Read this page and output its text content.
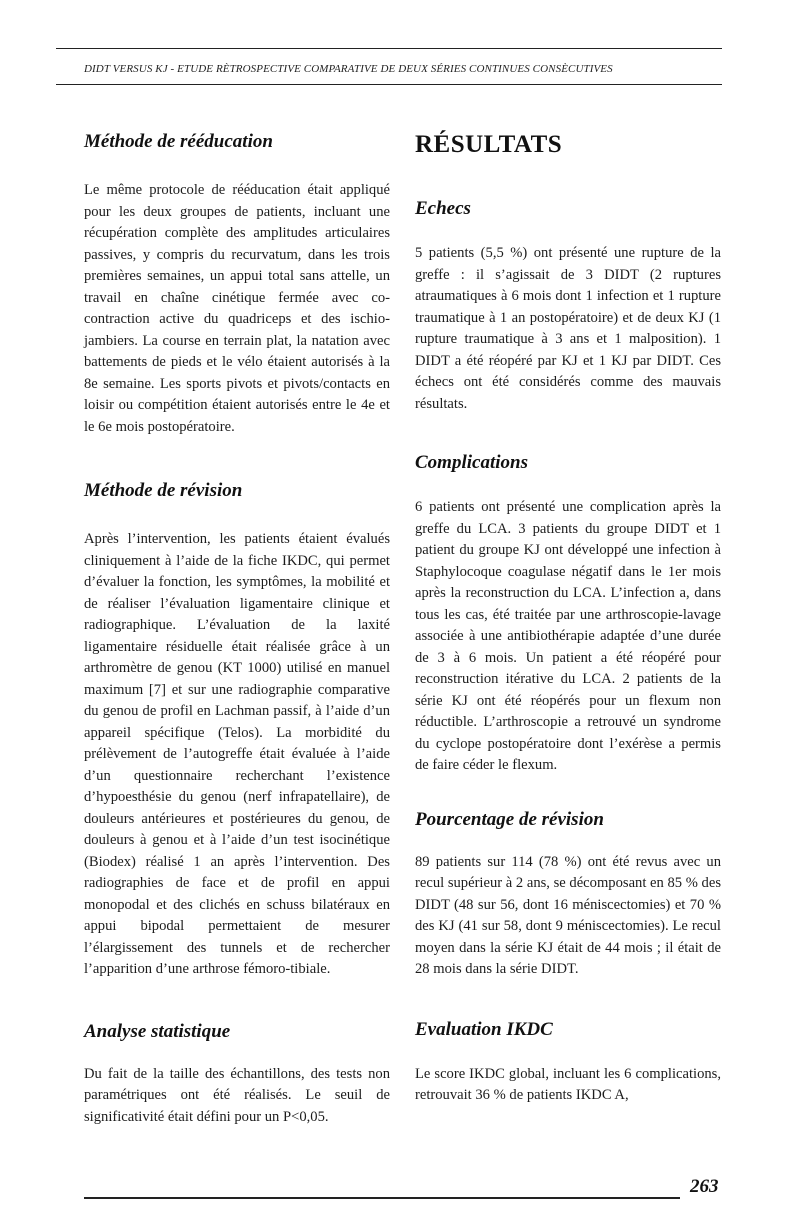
DIDT VERSUS KJ - ETUDE RÈTROSPECTIVE COMPARATIVE DE DEUX SÉRIES CONTINUES CONSÈCUTIVES
Méthode de rééducation

Le même protocole de rééducation était appliqué pour les deux groupes de patients, incluant une récupération complète des amplitudes articulaires passives, y compris du recurvatum, dans les trois premières semaines, un appui total sans attelle, un travail en chaîne cinétique fermée avec co-contraction active du quadriceps et des ischio-jambiers. La course en terrain plat, la natation avec battements de pieds et le vélo étaient autorisés à la 8e semaine. Les sports pivots et pivots/contacts en loisir ou compétition étaient autorisés entre le 4e et le 6e mois postopératoire.

Méthode de révision

Après l’intervention, les patients étaient évalués cliniquement à l’aide de la fiche IKDC, qui permet d’évaluer la fonction, les symptômes, la mobilité et de réaliser l’évaluation ligamentaire clinique et radiographique. L’évaluation de la laxité ligamentaire résiduelle était réalisée grâce à un arthromètre de genou (KT 1000) utilisé en manuel maximum [7] et sur une radiographie comparative du genou de profil en Lachman passif, à l’aide d’un appareil spécifique (Telos). La morbidité du prélèvement de l’autogreffe était évaluée à l’aide d’un questionnaire recherchant l’existence d’hypoesthésie du genou (nerf infrapatellaire), de douleurs antérieures et postérieures du genou, de douleurs à genou et à l’aide d’un test isocinétique (Biodex) réalisé 1 an après l’intervention. Des radiographies de face et de profil en appui monopodal et des clichés en schuss bilatéraux en appui bipodal permettaient de mesurer l’élargissement des tunnels et de rechercher l’apparition d’une arthrose fémoro-tibiale.

Analyse statistique

Du fait de la taille des échantillons, des tests non paramétriques ont été réalisés. Le seuil de significativité était défini pour un P<0,05.

RÉSULTATS
Echecs

5 patients (5,5 %) ont présenté une rupture de la greffe : il s’agissait de 3 DIDT (2 ruptures atraumatiques à 6 mois dont 1 infection et 1 rupture traumatique à 1 an postopératoire) et de deux KJ (1 rupture traumatique à 3 ans et 1 malposition). 1 DIDT a été réopéré par KJ et 1 KJ par DIDT. Ces échecs ont été considérés comme des mauvais résultats.

Complications

6 patients ont présenté une complication après la greffe du LCA. 3 patients du groupe DIDT et 1 patient du groupe KJ ont développé une infection à Staphylocoque coagulase négatif dans le 1er mois après la reconstruction du LCA. L’infection a, dans tous les cas, été traitée par une arthroscopie-lavage associée à une antibiothérapie adaptée d’une durée de 3 à 6 mois. Un patient a été réopéré pour reconstruction itérative du LCA. 2 patients de la série KJ ont été réopérés pour un flexum non réductible. L’arthroscopie a retrouvé un syndrome du cyclope postopératoire dont l’exérèse a permis de faire céder le flexum.

Pourcentage de révision

89 patients sur 114 (78 %) ont été revus avec un recul supérieur à 2 ans, se décomposant en 85 % des DIDT (48 sur 56, dont 16 méniscectomies) et 70 % des KJ (41 sur 58, dont 9 méniscectomies). Le recul moyen dans la série KJ était de 44 mois ; il était de 28 mois dans la série DIDT.

Evaluation IKDC

Le score IKDC global, incluant les 6 complications, retrouvait 36 % de patients IKDC A,

263
